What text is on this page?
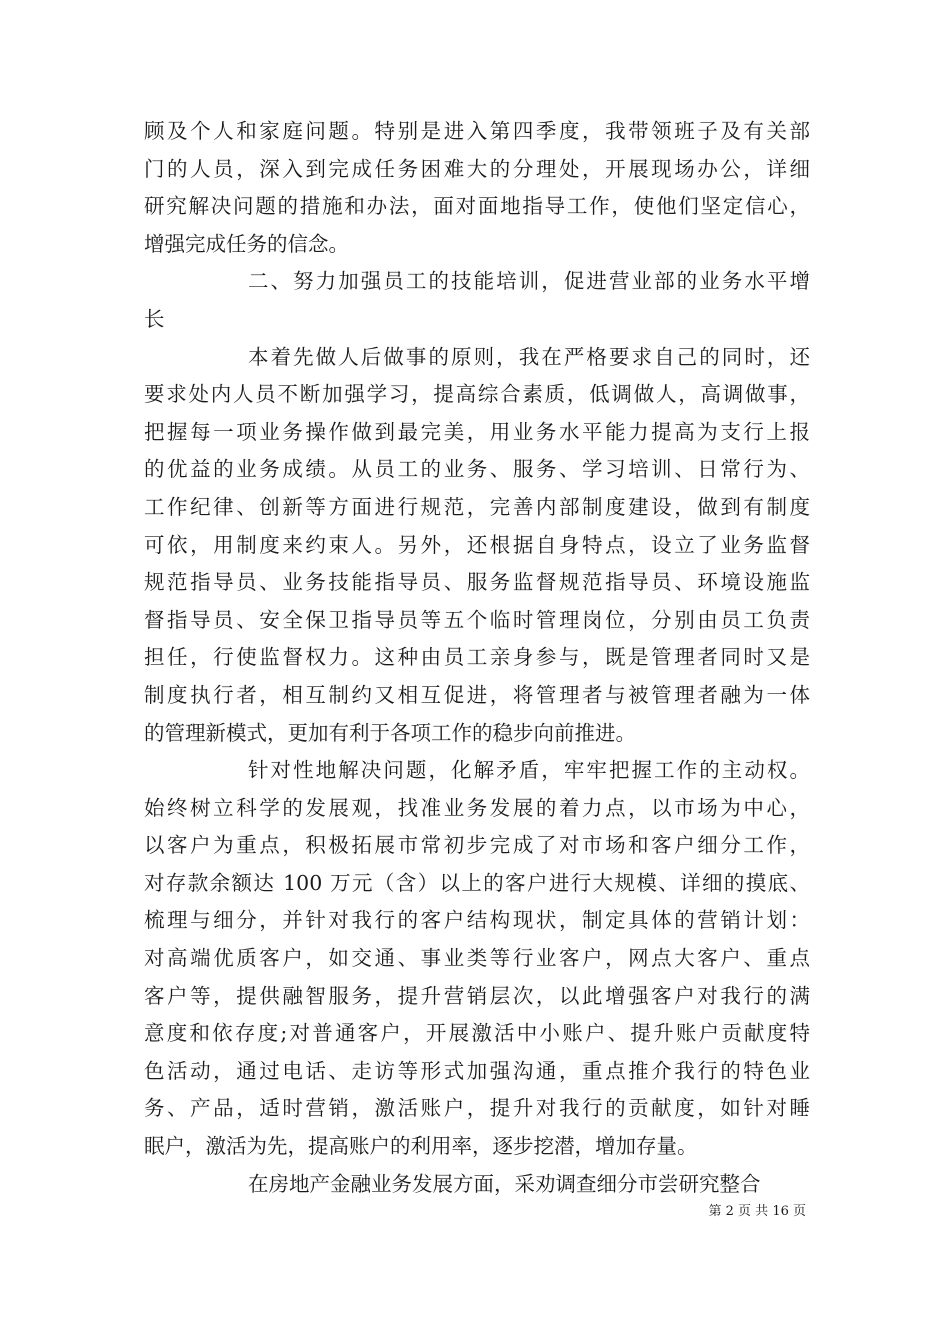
顾及个人和家庭问题。特别是进入第四季度，我带领班子及有关部
门的人员，深入到完成任务困难大的分理处，开展现场办公，详细
研究解决问题的措施和办法，面对面地指导工作，使他们坚定信心，
增强完成任务的信念。
二、努力加强员工的技能培训，促进营业部的业务水平增
长
本着先做人后做事的原则，我在严格要求自己的同时，还
要求处内人员不断加强学习，提高综合素质，低调做人，高调做事，
把握每一项业务操作做到最完美，用业务水平能力提高为支行上报
的优益的业务成绩。从员工的业务、服务、学习培训、日常行为、
工作纪律、创新等方面进行规范，完善内部制度建设，做到有制度
可依，用制度来约束人。另外，还根据自身特点，设立了业务监督
规范指导员、业务技能指导员、服务监督规范指导员、环境设施监
督指导员、安全保卫指导员等五个临时管理岗位，分别由员工负责
担任，行使监督权力。这种由员工亲身参与，既是管理者同时又是
制度执行者，相互制约又相互促进，将管理者与被管理者融为一体
的管理新模式，更加有利于各项工作的稳步向前推进。
针对性地解决问题，化解矛盾，牢牢把握工作的主动权。
始终树立科学的发展观，找准业务发展的着力点，以市场为中心，
以客户为重点，积极拓展市常初步完成了对市场和客户细分工作，
对存款余额达 100 万元（含）以上的客户进行大规模、详细的摸底、
梳理与细分，并针对我行的客户结构现状，制定具体的营销计划：
对高端优质客户，如交通、事业类等行业客户，网点大客户、重点
客户等，提供融智服务，提升营销层次，以此增强客户对我行的满
意度和依存度;对普通客户，开展激活中小账户、提升账户贡献度特
色活动，通过电话、走访等形式加强沟通，重点推介我行的特色业
务、产品，适时营销，激活账户，提升对我行的贡献度，如针对睡
眠户，激活为先，提高账户的利用率，逐步挖潜，增加存量。
在房地产金融业务发展方面，采劝调查细分市尝研究整合
第 2 页 共 16 页
